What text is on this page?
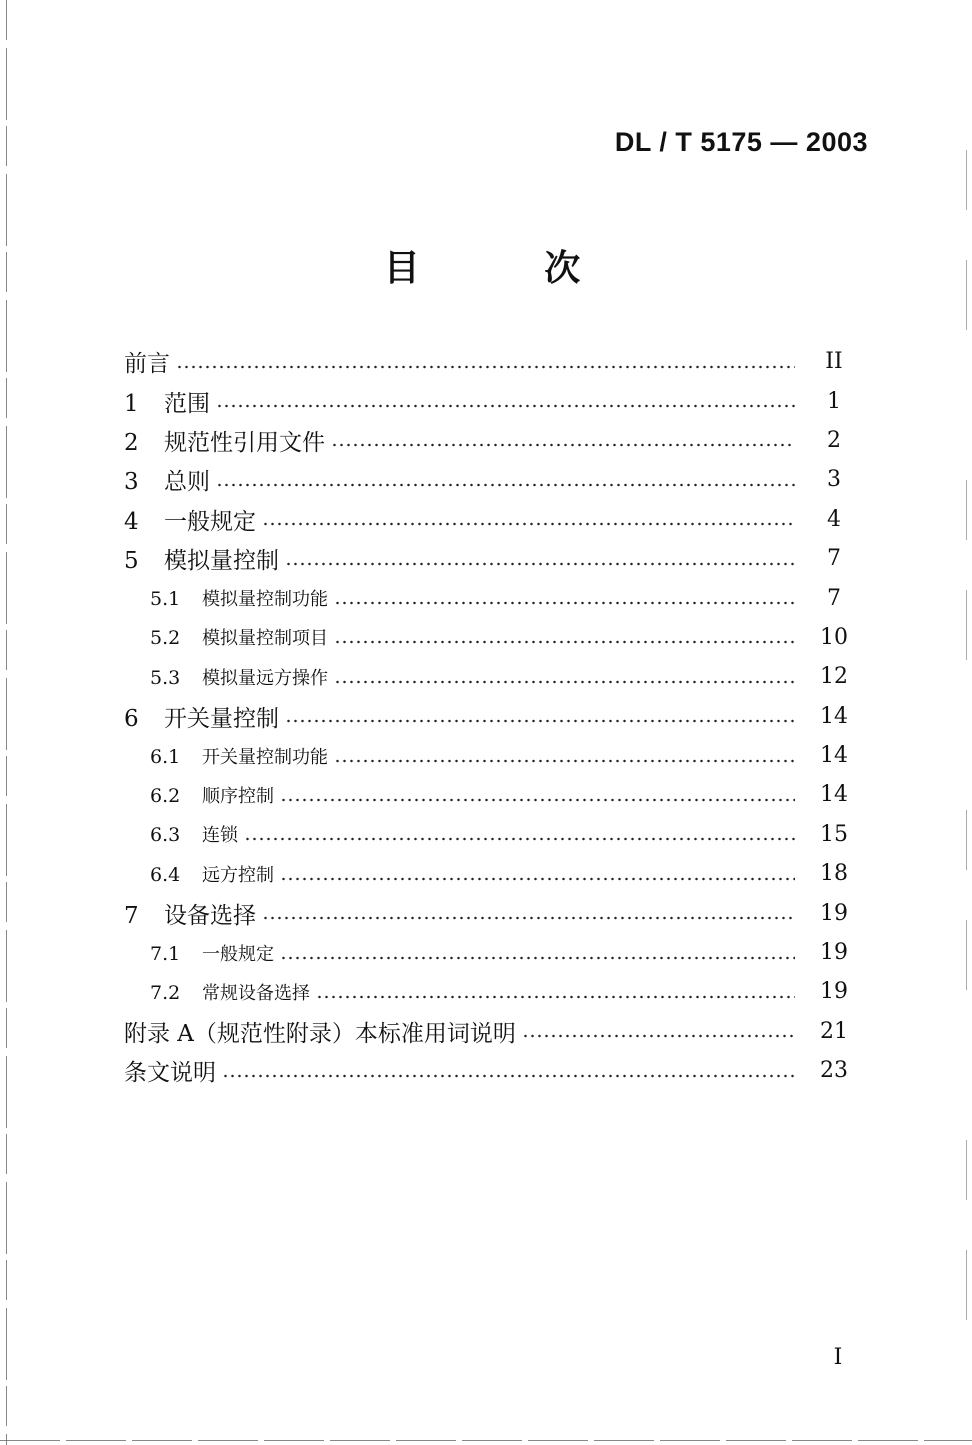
DL / T 5175 — 2003
目 次
前言	II
1	范围	1
2	规范性引用文件	2
3	总则	3
4	一般规定	4
5	模拟量控制	7
5.1	模拟量控制功能	7
5.2	模拟量控制项目	10
5.3	模拟量远方操作	12
6	开关量控制	14
6.1	开关量控制功能	14
6.2	顺序控制	14
6.3	连锁	15
6.4	远方控制	18
7	设备选择	19
7.1	一般规定	19
7.2	常规设备选择	19
附录 A（规范性附录）本标准用词说明	21
条文说明	23
I
